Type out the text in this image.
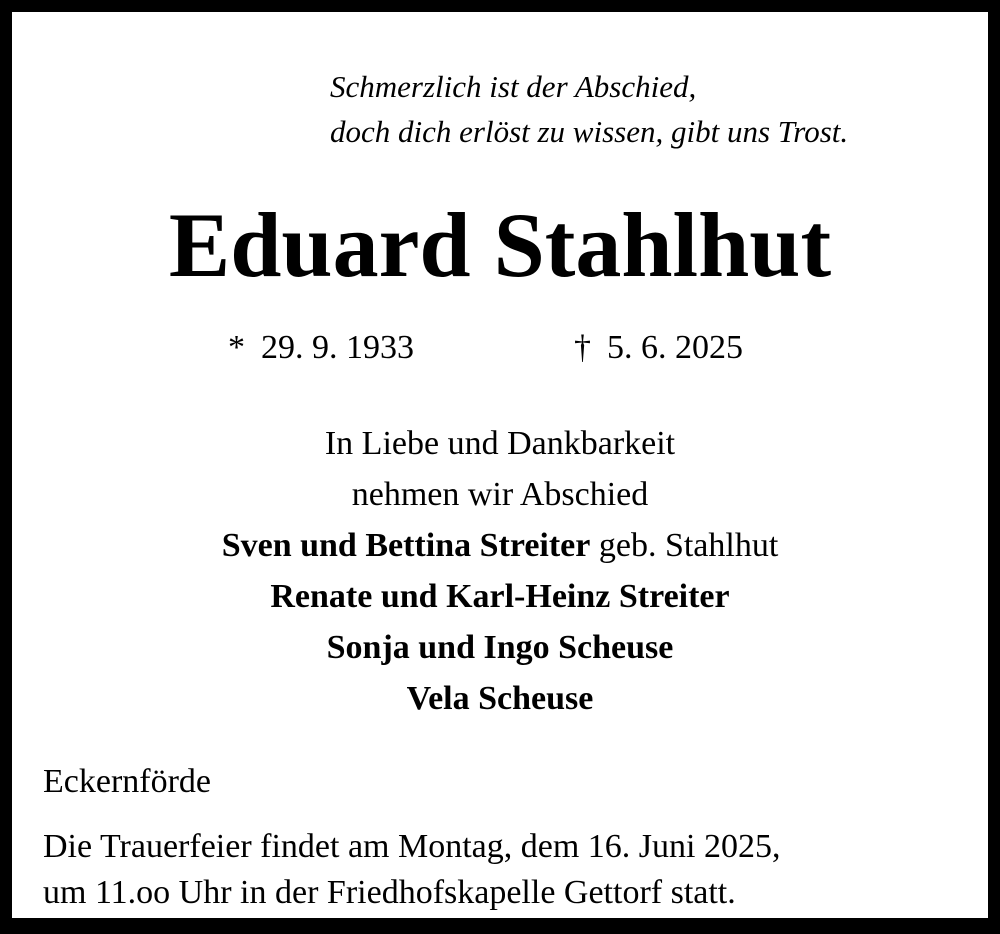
Schmerzlich ist der Abschied,
doch dich erlöst zu wissen, gibt uns Trost.
Eduard Stahlhut
* 29. 9. 1933	† 5. 6. 2025
In Liebe und Dankbarkeit
nehmen wir Abschied
Sven und Bettina Streiter geb. Stahlhut
Renate und Karl-Heinz Streiter
Sonja und Ingo Scheuse
Vela Scheuse
Eckernförde
Die Trauerfeier findet am Montag, dem 16. Juni 2025,
um 11.oo Uhr in der Friedhofskapelle Gettorf statt.
